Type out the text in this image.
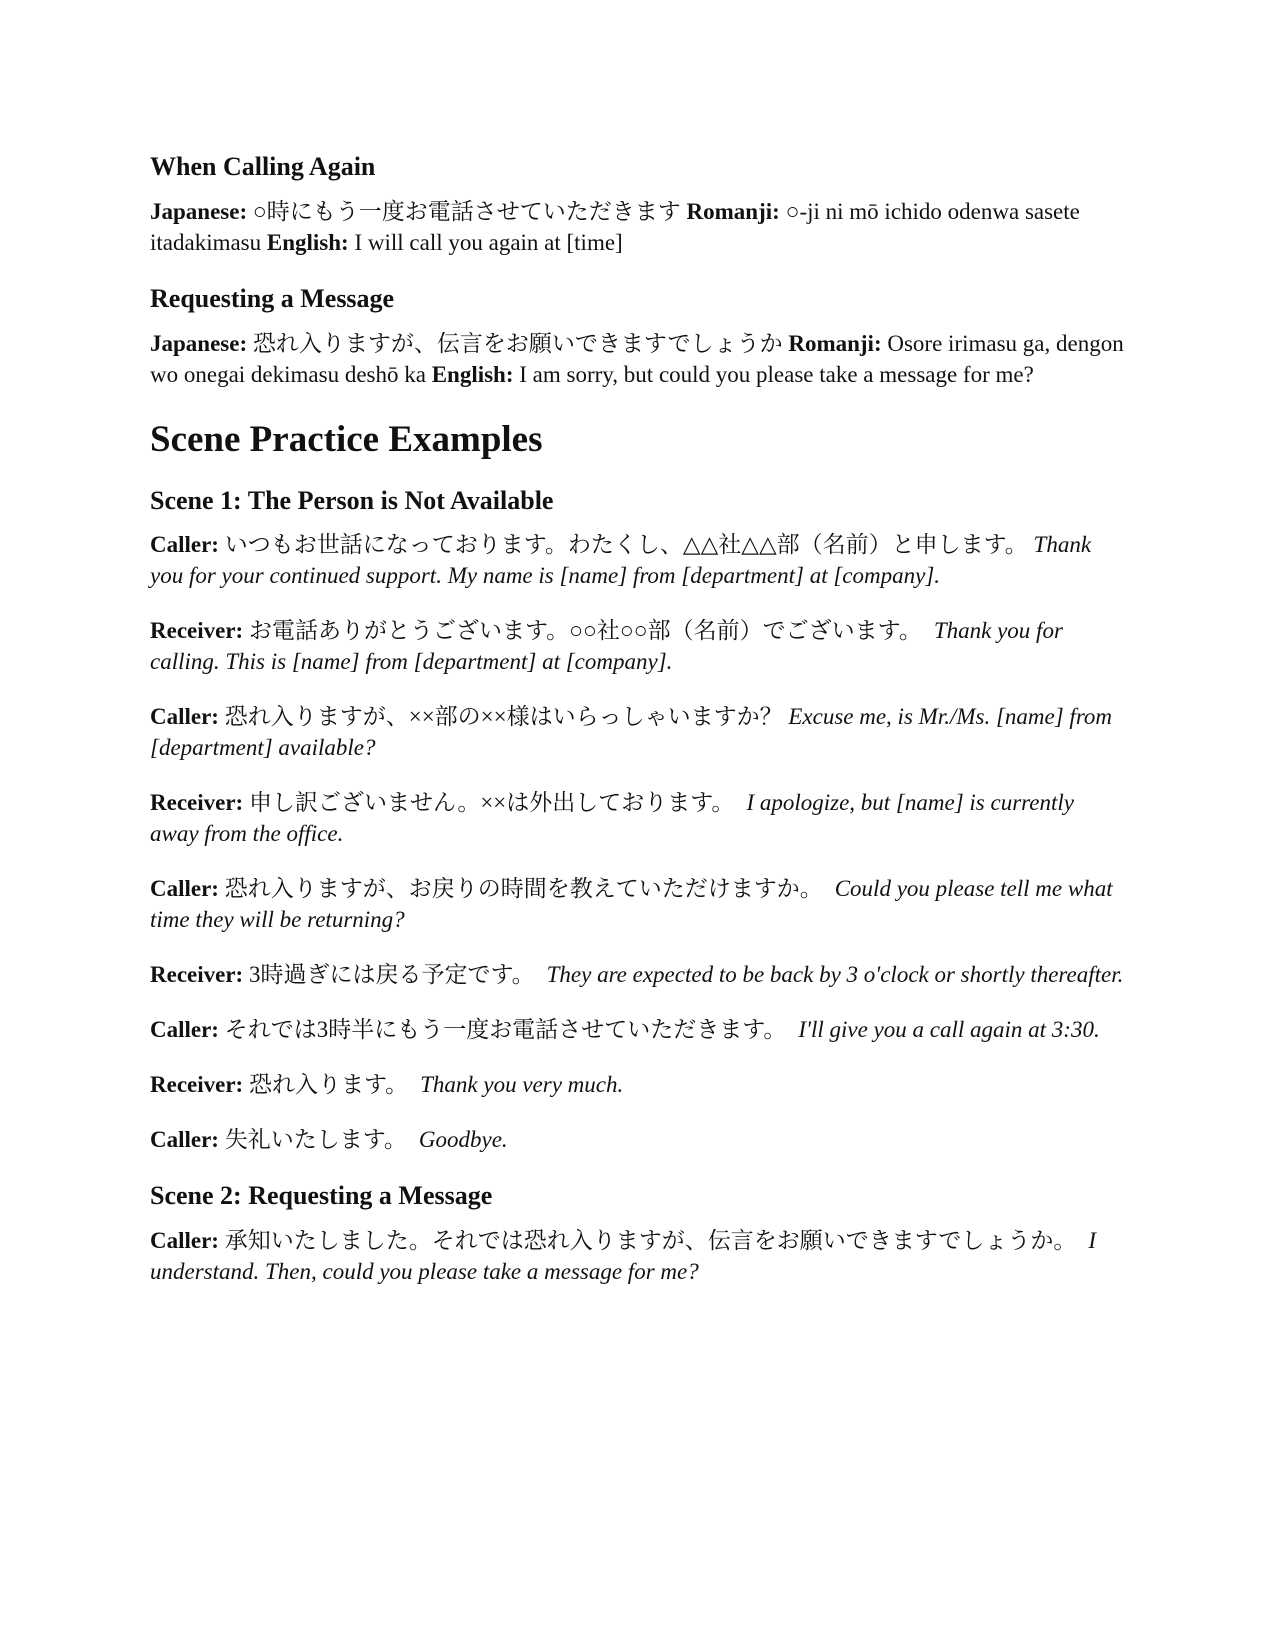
When Calling Again

Japanese: ○時にもう一度お電話させていただきます Romanji: ○-ji ni mō ichido odenwa sasete itadakimasu English: I will call you again at [time]

Requesting a Message

Japanese: 恐れ入りますが、伝言をお願いできますでしょうか Romanji: Osore irimasu ga, dengon wo onegai dekimasu deshō ka English: I am sorry, but could you please take a message for me?

Scene Practice Examples
Scene 1: The Person is Not Available

Caller: いつもお世話になっております。わたくし、△△社△△部（名前）と申します。 Thank you for your continued support. My name is [name] from [department] at [company].

Receiver: お電話ありがとうございます。○○社○○部（名前）でございます。 Thank you for calling. This is [name] from [department] at [company].

Caller: 恐れ入りますが、××部の××様はいらっしゃいますか？ Excuse me, is Mr./Ms. [name] from [department] available?

Receiver: 申し訳ございません。××は外出しております。 I apologize, but [name] is currently away from the office.

Caller: 恐れ入りますが、お戻りの時間を教えていただけますか。 Could you please tell me what time they will be returning?

Receiver: 3時過ぎには戻る予定です。 They are expected to be back by 3 o'clock or shortly thereafter.

Caller: それでは3時半にもう一度お電話させていただきます。 I'll give you a call again at 3:30.

Receiver: 恐れ入ります。 Thank you very much.

Caller: 失礼いたします。 Goodbye.

Scene 2: Requesting a Message

Caller: 承知いたしました。それでは恐れ入りますが、伝言をお願いできますでしょうか。 I understand. Then, could you please take a message for me?
